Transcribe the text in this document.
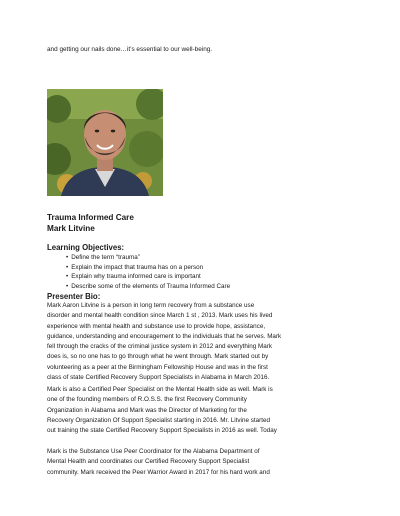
and getting our nails done…it’s essential to our well-being.
Trauma Informed Care
Mark Litvine
Learning Objectives:
• Define the term “trauma”
• Explain the impact that trauma has on a person
• Explain why trauma informed care is important
• Describe some of the elements of Trauma Informed Care
Presenter Bio:
Mark Aaron Litvine is a person in long term recovery from a substance use
disorder and mental health condition since March 1 st , 2013. Mark uses his lived
experience with mental health and substance use to provide hope, assistance,
guidance, understanding and encouragement to the individuals that he serves. Mark
fell through the cracks of the criminal justice system in 2012 and everything Mark
does is, so no one has to go through what he went through. Mark started out by
volunteering as a peer at the Birmingham Fellowship House and was in the first
class of state Certified Recovery Support Specialists in Alabama in March 2016.
Mark is also a Certified Peer Specialist on the Mental Health side as well. Mark is
one of the founding members of R.O.S.S. the first Recovery Community
Organization in Alabama and Mark was the Director of Marketing for the
Recovery Organization Of Support Specialist starting in 2016. Mr. Litvine started
out training the state Certified Recovery Support Specialists in 2016 as well. Today
Mark is the Substance Use Peer Coordinator for the Alabama Department of
Mental Health and coordinates our Certified Recovery Support Specialist
community. Mark received the Peer Warrior Award in 2017 for his hard work and
